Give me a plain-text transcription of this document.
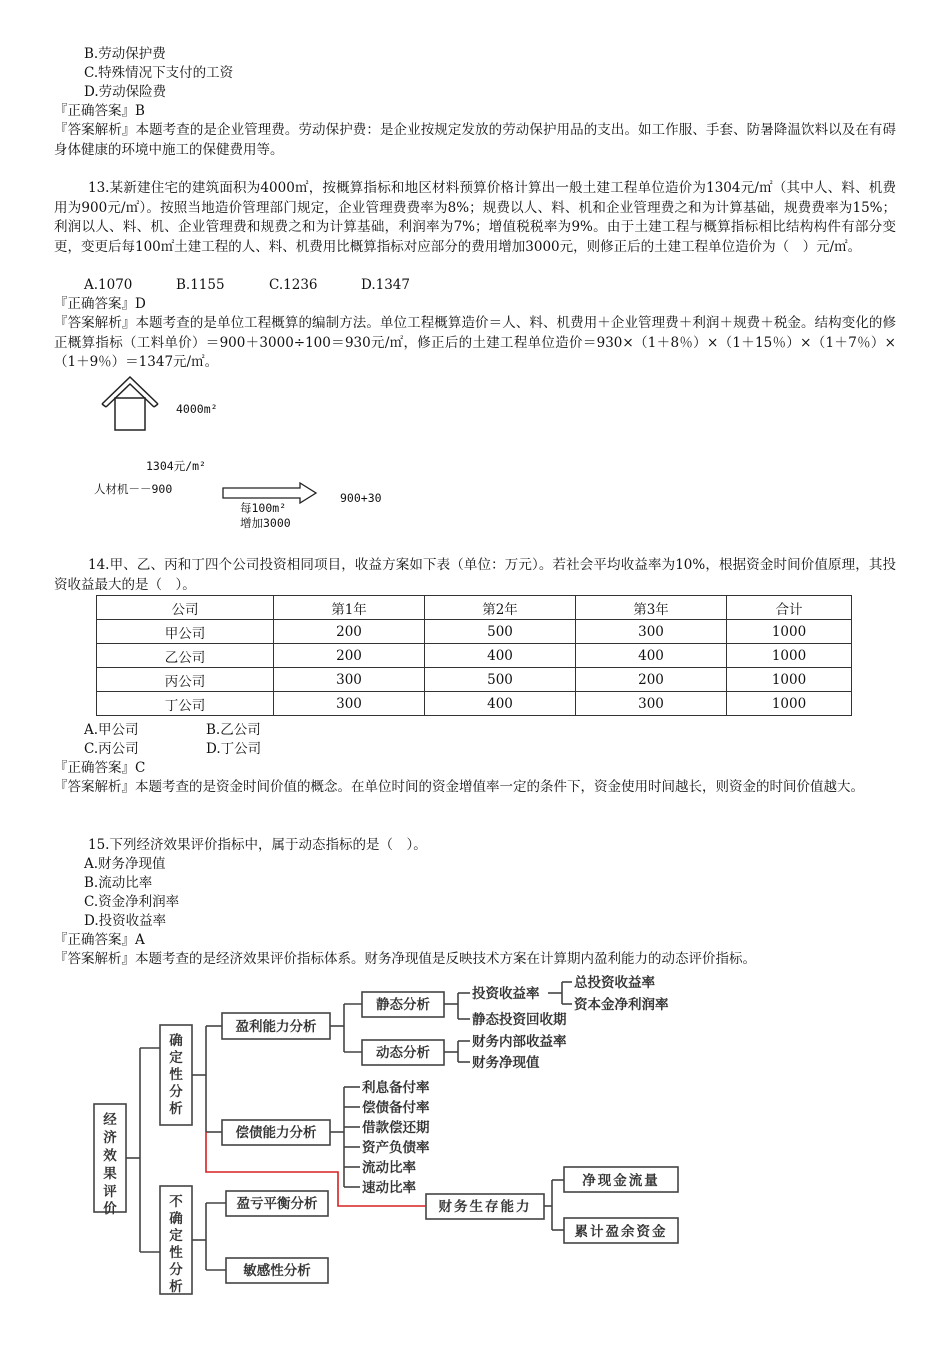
B.劳动保护费
C.特殊情况下支付的工资
D.劳动保险费
『正确答案』B
『答案解析』本题考查的是企业管理费。劳动保护费：是企业按规定发放的劳动保护用品的支出。如工作服、手套、防暑降温饮料以及在有碍身体健康的环境中施工的保健费用等。
13.某新建住宅的建筑面积为4000㎡，按概算指标和地区材料预算价格计算出一般土建工程单位造价为1304元/㎡（其中人、料、机费用为900元/㎡）。按照当地造价管理部门规定，企业管理费费率为8%；规费以人、料、机和企业管理费之和为计算基础，规费费率为15%；利润以人、料、机、企业管理费和规费之和为计算基础，利润率为7%；增值税税率为9%。由于土建工程与概算指标相比结构构件有部分变更，变更后每100㎡土建工程的人、料、机费用比概算指标对应部分的费用增加3000元，则修正后的土建工程单位造价为（　）元/㎡。
A.1070	B.1155	C.1236	D.1347
『正确答案』D
『答案解析』本题考查的是单位工程概算的编制方法。单位工程概算造价＝人、料、机费用＋企业管理费＋利润＋规费＋税金。结构变化的修正概算指标（工料单价）＝900＋3000÷100＝930元/㎡，修正后的土建工程单位造价＝930×（1＋8％）×（1＋15％）×（1＋7％）×（1＋9％）＝1347元/㎡。
4000m²
1304元/m²
人材机－－900
每100m²
增加3000
900+30
14.甲、乙、丙和丁四个公司投资相同项目，收益方案如下表（单位：万元）。若社会平均收益率为10%，根据资金时间价值原理，其投资收益最大的是（　）。
公司	第1年	第2年	第3年	合计
甲公司	200	500	300	1000
乙公司	200	400	400	1000
丙公司	300	500	200	1000
丁公司	300	400	300	1000
A.甲公司	B.乙公司
C.丙公司	D.丁公司
『正确答案』C
『答案解析』本题考查的是资金时间价值的概念。在单位时间的资金增值率一定的条件下，资金使用时间越长，则资金的时间价值越大。
15.下列经济效果评价指标中，属于动态指标的是（　）。
A.财务净现值
B.流动比率
C.资金净利润率
D.投资收益率
『正确答案』A
『答案解析』本题考查的是经济效果评价指标体系。财务净现值是反映技术方案在计算期内盈利能力的动态评价指标。
经
济
效
果
评
价
确
定
性
分
析
不
确
定
性
分
析
盈利能力分析
静态分析
动态分析
投资收益率
总投资收益率
资本金净利润率
静态投资回收期
财务内部收益率
财务净现值
偿债能力分析
利息备付率
偿债备付率
借款偿还期
资产负债率
流动比率
速动比率
财务生存能力
净现金流量
累计盈余资金
盈亏平衡分析
敏感性分析
